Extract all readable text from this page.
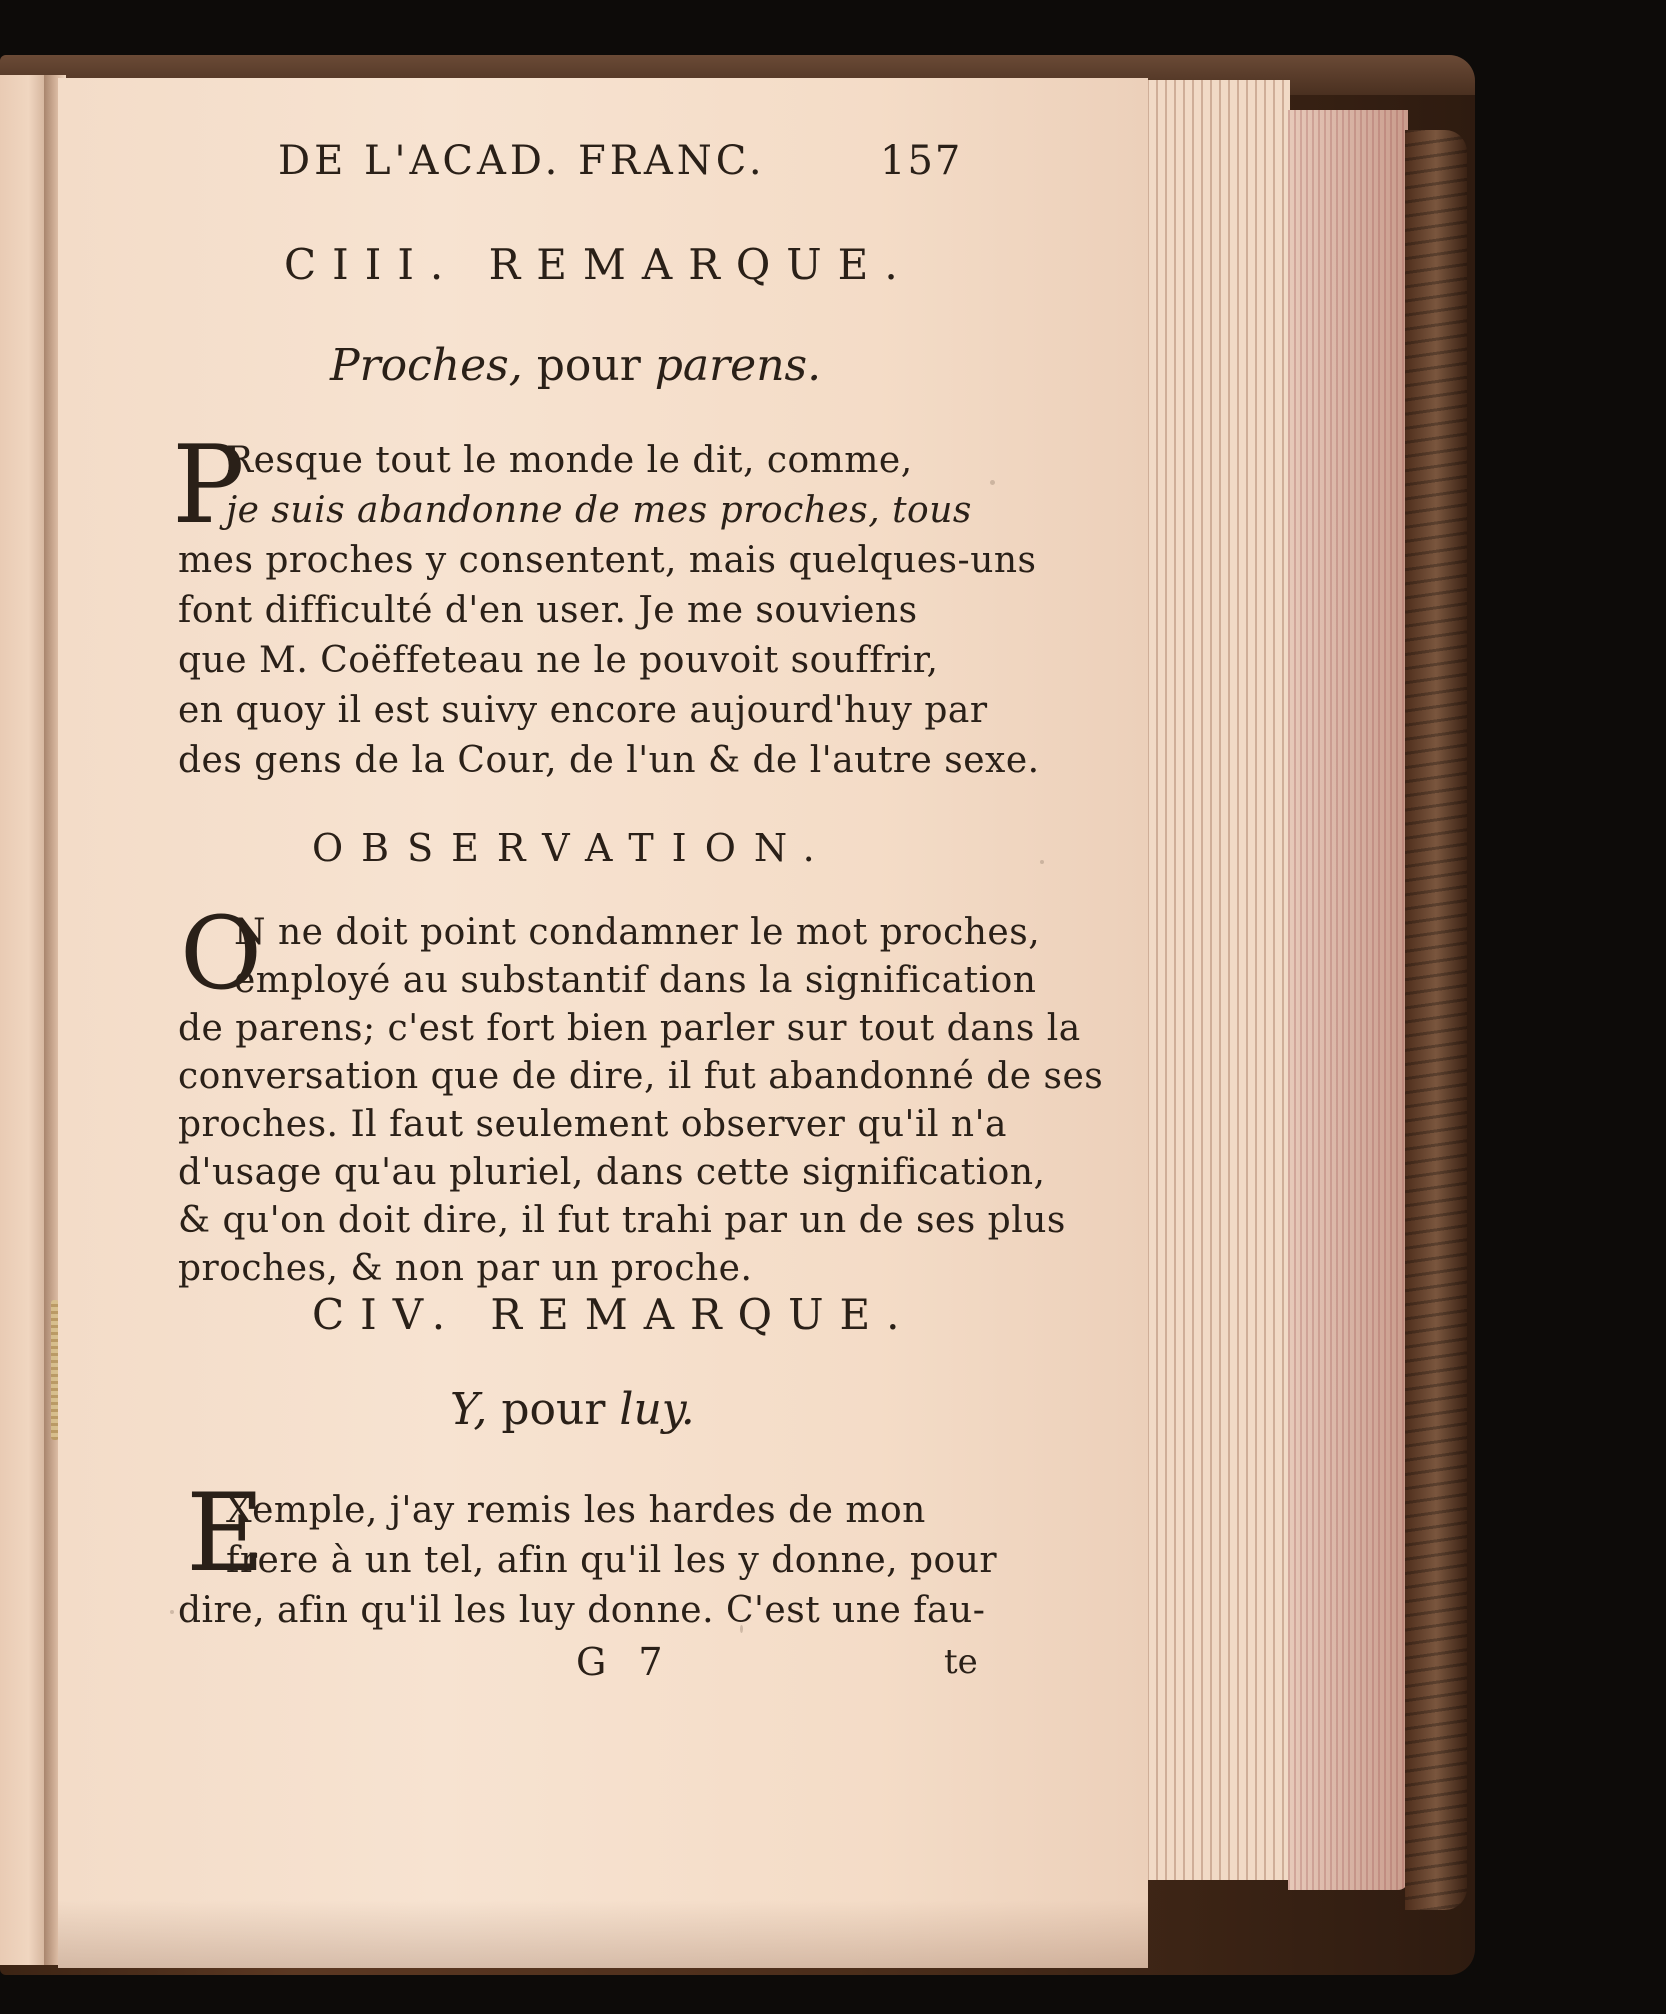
DE L'ACAD. FRANC.	157
CIII. REMARQUE.
Proches, pour parens.
P
Resque tout le monde le dit, comme,
je suis abandonne de mes proches, tous
mes proches y consentent, mais quelques-uns
font difficulté d'en user. Je me souviens
que M. Coëffeteau ne le pouvoit souffrir,
en quoy il est suivy encore aujourd'huy par
des gens de la Cour, de l'un & de l'autre sexe.
OBSERVATION.
O
N ne doit point condamner le mot proches,
employé au substantif dans la signification
de parens; c'est fort bien parler sur tout dans la
conversation que de dire, il fut abandonné de ses
proches. Il faut seulement observer qu'il n'a
d'usage qu'au pluriel, dans cette signification,
& qu'on doit dire, il fut trahi par un de ses plus
proches, & non par un proche.
CIV. REMARQUE.
Y, pour luy.
E
Xemple, j'ay remis les hardes de mon
frere à un tel, afin qu'il les y donne, pour
dire, afin qu'il les luy donne. C'est une fau-
G 7	te
